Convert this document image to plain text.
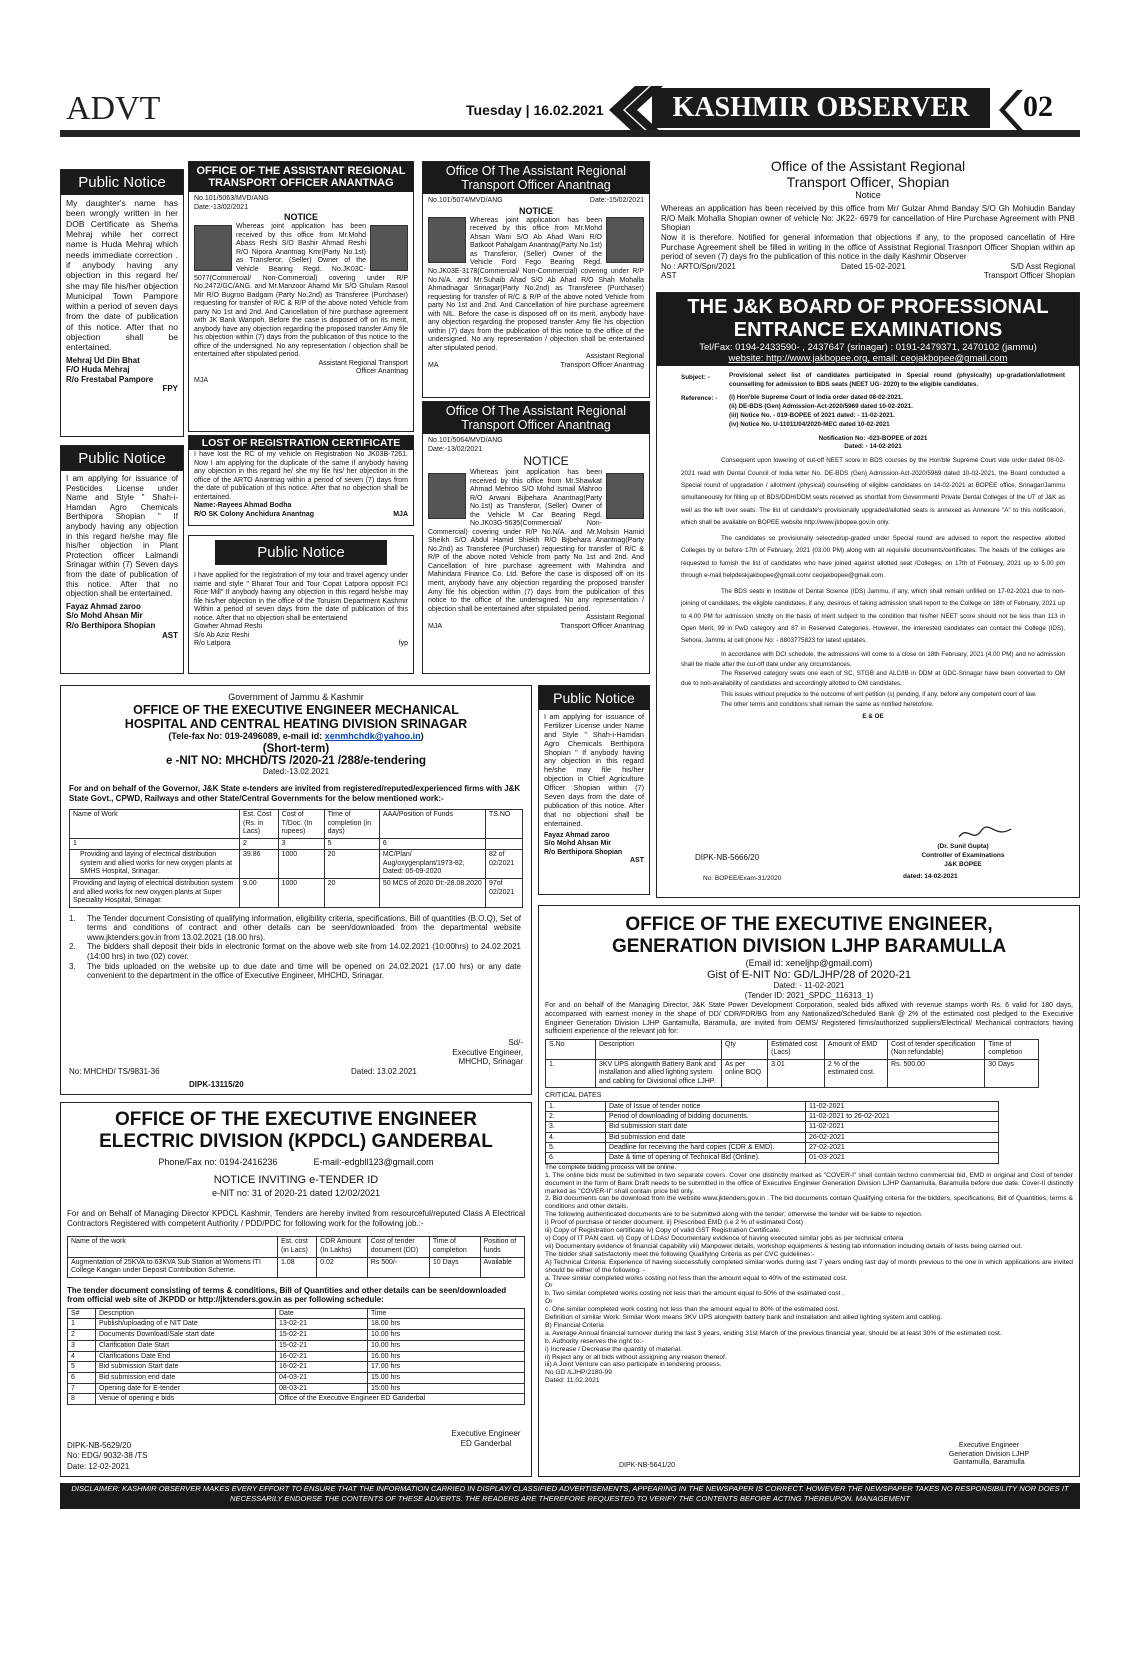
ADVT	Tuesday | 16.02.2021	KASHMIR OBSERVER	02
Public Notice
My daughter's name has been wrongly written in her DOB Certificate as Shema Mehraj while her correct name is Huda Mehraj which needs immediate correction . if anybody having any objection in this regard he/ she may file his/her objection Municipal Town Pampore within a period of seven days from the date of publication of this notice. After that no objection shall be entertained.
Mehraj Ud Din Bhat
F/O Huda Mehraj
R/o Frestabal Pampore
FPY
Public Notice
I am applying for issuance of Pesticides License under Name and Style " Shah-i-Hamdan Agro Chemicals Berthipora Shopian " If anybody having any objection in this regard he/she may file his/her objection in Plant Protection officer Lalmandi Srinagar within (7) Seven days from the date of publication of this notice. After that no objection shall be entertained.
Fayaz Ahmad zaroo
S/o Mohd Ahsan Mir
R/o Berthipora Shopian
AST
OFFICE OF THE ASSISTANT REGIONAL TRANSPORT OFFICER ANANTNAG
No.101/5063/MVD/ANG
Date:-13/02/2021
NOTICE
Whereas joint application has been received by this office from Mr.Mohd Abass Reshi S/O Bashir Ahmad Reshi R/O Nipora Anantnag Kmr(Party No.1st) as Transferor, (Seller) Owner of the Vehicle Bearing Regd. No.JK03C-5077(Commercial/ Non-Commercial) covering under R/P No.2472/GC/ANG. and Mr.Manzoor Ahamd Mir S/O Ghulam Rasool Mir R/O Bugroo Badgam (Party No.2nd) as Transferee (Purchaser) requesting for transfer of R/C & R/P of the above noted Vehicle from party No 1st and 2nd. And Cancellation of hire purchase agreement with JK Bank Wanpoh. Before the case is disposed off on its merit, anybody have any objection regarding the proposed transfer Amy file his objection within (7) days from the publication of this notice to the office of the undersigned. No any representation / objection shall be entertained after stipulated period.
Assistant Regional Transport Officer Anantnag
MJA
LOST OF REGISTRATION CERTIFICATE
I have lost the RC of my vehicle on Registration No JK03B-7261. Now I am applying for the duplicate of the same if anybody having any objection in this regard he/ she my file his/ her objection in the office of the ARTO Anantnag within a period of seven (7) days from the date of publication of this notice. After that no objection shall be entertained.
Name:-Rayees Ahmad Bodha
R/O SK Colony Anchidura Anantnag	MJA
Public Notice
I have applied for the registration of my tour and travel agency under name and style " Bharat Tour and Tour Copat Latpora opposit FCI Rice Mill" If anybody having any objection in this regard he/she may file his/her objection in the office of the Toruism Department Kashmir Within a period of seven days from the date of publication of this notice. After that no objection shall be entertaiend
Gowher Ahmad Reshi
S/o Ab Aziz Reshi
R/o Latpora	fyp
Office Of The Assistant Regional Transport Officer Anantnag
No.101/5074/MVD/ANG	Date:-15/02/2021
NOTICE
Whereas joint application has been received by this office from Mr.Mohd Ahsan Wani S/O Ab Ahad Wani R/O Batkoot Pahalgam Anantnag(Party No.1st) as Transferor, (Seller) Owner of the Vehicle Ford Fego Bearing Regd. No.JK03E-3178(Commercial/ Non-Commercial) covering under R/P No.N/A. and Mr.Suhaib Ahad S/O Ab Ahad R/O Shah Mohalla Ahmadnagar Srinagar(Party No.2nd) as Transferee (Purchaser) requesting for transfer of R/C & R/P of the above noted Vehicle from party No 1st and 2nd. And Cancellation of hire purchase agreement with NIL. Before the case is disposed off on its merit, anybody have any objection regarding the proposed transfer Amy file his objection within (7) days from the publication of this notice to the office of the undersigned. No any representation / objection shall be entertained after stipulated period.
Assistant Regional
MA	Transport Officer Anantnag
Office Of The Assistant Regional Transport Officer Anantnag
No.101/5064/MVD/ANG
Date:-13/02/2021
NOTICE
Whereas joint application has been received by this office from Mr.Shawkat Ahmad Mehroo S/O Mohd Ismail Mahroo R/O Arwani Bijbehara Anantnag(Party No.1st) as Transferor, (Seller) Owner of the Vehicle M Car Bearing Regd. No.JK03G-5635(Commercial/ Non-Commercial) covering under R/P No.N/A. and Mr.Mohsin Hamid Sheikh S/O Abdul Hamid Shiekh R/O Bijbehara Anantnag(Party No.2nd) as Transferee (Purchaser) requesting for transfer of R/C & R/P of the above noted Vehicle from party No 1st and 2nd. And Cancellation of hire purchase agreement with Mahindra and Mahindara Finance Co. Ltd. Before the case is disposed off on its merit, anybody have any objection regarding the proposed transfer Amy file his objection within (7) days from the publication of this notice to the office of the undersigned. No any representation / objection shall be entertained after stipulated period.
Assistant Regional
MJA	Transport Officer Anantnag
Office of the Assistant Regional
Transport Officer, Shopian
Notice
Whereas an application has been received by this office from Mr/ Gulzar Ahmd Banday S/O Gh Mohiudin Banday R/O Malk Mohalla Shopian owner of vehicle No: JK22- 6979 for cancellation of Hire Purchase Agreement with PNB Shopian
Now it is therefore. Notified for general information that objections if any, to the proposed cancellatin of Hire Purchase Agreement shell be filled in writing in the office of Assistnat Regional Trasnport Officer Shopian within ap period of seven (7) days fro the publication of this notice in the daily Kashmir Observer
No : ARTO/Spn/2021	Dated 15-02-2021	S/D Asst Regional
AST	Transport Officer Shopian
THE J&K BOARD OF PROFESSIONAL
ENTRANCE EXAMINATIONS
Tel/Fax: 0194-2433590- , 2437647 (srinagar) : 0191-2479371, 2470102 (jammu)
website: http://www.jakbopee.org, email: ceojakbopee@gmail.com
Subject: -	Provisional select list of candidates participated in Special round (physically) up-gradation/allotment counselling for admission to BDS seats (NEET UG- 2020) to the eligible candidates.
Reference: -	(i) Hon'ble Supreme Court of India order dated 08-02-2021.
(ii) DE-BDS (Gen) Admission-Act-2020/5969 dated 10-02-2021.
(iii) Notice No. - 019-BOPEE of 2021 dated: - 11-02-2021.
(iv) Notice No. U-11011/04/2020-MEC dated 10-02-2021
Notification No: -023-BOPEE of 2021
Dated: - 14-02-2021
Consequent upon lowering of cut-off NEET score in BDS courses by the Hon'ble Supreme Court vide order dated 08-02-2021 read with Dental Council of India letter No. DE-BDS (Gen) Admission-Act-2020/5969 dated 10-02-2021, the Board conducted a Special round of upgradation / allotment (physical) counselling of eligible candidates on 14-02-2021 at BOPEE office, Srinagar/Jammu simultaneously for filling up of BDS/DDH/DDM seats received as shortfall from Government/ Private Dental Colleges of the UT of J&K as well as the left over seats. The list of candidate's provisionally upgraded/allotted seats is annexed as Annexure "A" to this notification, which shall be available on BOPEE website http://www.jkbopee.gov.in only.
The candidates so provisionally selected/up-graded under Special round are advised to report the respective allotted Colleges by or before 17th of February, 2021 (03.00 PM) along with all requisite documents/certificates. The heads of the colleges are requested to furnish the list of candidates who have joined against allotted seat /Colleges, on 17th of February, 2021 up to 5.00 pm through e-mail helpdeskjakbopee@gmail.com/ ceojakbopee@gmail.com.
The BDS seats in Institute of Dental Science (IDS) Jammu, if any, which shall remain unfilled on 17-02-2021 due to non- joining of candidates, the eligible candidates, if any, desirous of taking admission shall report to the College on 18th of February, 2021 up to 4.00 PM for admission strictly on the basis of merit subject to the condition that his/her NEET score should not be less than 113 in Open Merit, 99 in PwD category and 87 in Reserved Categories. However, the interested candidates can contact the College (IDS), Sehora, Jammu at cell phone No: - 8803775823 for latest updates.
In accordance with DCI schedule, the admissions will come to a close on 18th February, 2021 (4.00 PM) and no admission shall be made after the cut-off date under any circumstances.
The Reserved category seats one each of SC, STGB and ALC/IB in DDM at GDC-Srinagar have been converted to OM due to non-availability of candidates and accordingly allotted to OM candidates.
This issues without prejudice to the outcome of writ petition (s) pending, if any, before any competent court of law.
The other terms and conditions shall remain the same as notified heretofore.
E & OE
DIPK-NB-5666/20
(Dr. Sunil Gupta)
Controller of Examinations
J&K BOPEE
No: BOPEE/Exam-31/2020	dated: 14-02-2021
Government of Jammu & Kashmir
OFFICE OF THE EXECUTIVE ENGINEER MECHANICAL
HOSPITAL AND CENTRAL HEATING DIVISION SRINAGAR
(Tele-fax No: 019-2496089, e-mail id: xenmhchdk@yahoo.in)
(Short-term)
e -NIT NO: MHCHD/TS /2020-21 /288/e-tendering
Dated:-13.02.2021
For and on behalf of the Governor, J&K State e-tenders are invited from registered/reputed/experienced firms with J&K State Govt., CPWD, Railways and other State/Central Governments for the below mentioned work:-
Name of Work	Est. Cost (Rs. in Lacs)	Cost of T/Doc. (In rupees)	Time of completion (in days)	AAA/Position of Funds	TS.NO
1	2	3	5	6	
Providing and laying of electrical distribution system and allied works for new oxygen plants at SMHS Hospital, Srinagar.	39.86	1000	20	MC/Plan/ Aug/oxygenplant/1973-82, Dated: 05-09-2020	82 of 02/2021
Providing and laying of electrical distribution system and allied works for new oxygen plants at Super Speciality Hospital, Srinagar.	9.00	1000	20	50 MCS of 2020 Dt:-28.08.2020	97of 02/2021
1.	The Tender document Consisting of qualifying information, eligibility criteria, specifications, Bill of quantities (B.O.Q), Set of terms and conditions of contract and other details can be seen/downloaded from the departmental website www.jktenders.gov.in from 13.02.2021 (18.00 hrs).
2.	The bidders shall deposit their bids in electronic format on the above web site from 14.02.2021 (10:00hrs) to 24.02.2021 (14:00 hrs) in two (02) cover.
3.	The bids uploaded on the website up to due date and time will be opened on 24.02.2021 (17.00 hrs) or any date convenient to the department in the office of Executive Engineer, MHCHD, Srinagar.
Sd/-
Executive Engineer,
MHCHD, Srinagar
No: MHCHD/ TS/9831-36	Dated: 13.02.2021
DIPK-13115/20
Public Notice
I am applying for issuance of Fertilizer License under Name and Style " Shah-i-Hamdan Agro Chemicals Berthipora Shopian " If anybody having any objection in this regard he/she may file his/her objection in Chief Agriculture Officer Shopian within (7) Seven days from the date of publication of this notice. After that no objectioni shall be entertained.
Fayaz Ahmad zaroo
S/o Mohd Ahsan Mir
R/o Berthipora Shopian
AST
OFFICE OF THE EXECUTIVE ENGINEER
ELECTRIC DIVISION (KPDCL) GANDERBAL
Phone/Fax no: 0194-2416236	E-mail:-edgbll123@gmail.com
NOTICE INVITING e-TENDER ID
e-NIT no: 31 of 2020-21 dated 12/02/2021
For and on Behalf of Managing Director KPDCL Kashmir, Tenders are hereby invited from resourceful/reputed Class A Electrical Contractors Registered with competent Authority / PDD/PDC for following work for the following job.:-
Name of the work	Est. cost (in Lacs)	CDR Amount (In Lakhs)	Cost of tender document (DD)	Time of completion	Position of funds
Augmentation of 25KVA to 63KVA Sub Station at Womens ITI College Kangan under Deposit Contribution Scheme.	1.08	0.02	Rs 500/-	10 Days	Available
The tender document consisting of terms & conditions, Bill of Quantities and other details can be seen/downloaded from official web site of JKPDD or http://jktenders.gov.in as per following schedule:
S#	Description	Date	Time
1	Publish/uploading of e NIT Date	13-02-21	18.00 hrs
2	Documents Download/Sale start date	15-02-21	10.00 hrs
3	Clarification Date Start	15-02-21	10.00 hrs
4	Clarifications Date End	16-02-21	16.00 hrs
5	Bid submission Start date	16-02-21	17.00 hrs
6	Bid submission end date	04-03-21	15.00 hrs
7	Opening date for E-tender	08-03-21	15:00 hrs
8	Venue of opening e bids	Office of the Executive Engineer ED Ganderbal	
DIPK-NB-5629/20
No: EDG/ 9032-38 /TS
Date: 12-02-2021
Executive Engineer
ED Ganderbal
OFFICE OF THE EXECUTIVE ENGINEER,
GENERATION DIVISION LJHP BARAMULLA
(Email id: xeneljhp@gmail.com)
Gist of E-NIT No: GD/LJHP/28 of 2020-21
Dated: - 11-02-2021
(Tender ID: 2021_SPDC_116313_1)
For and on behalf of the Managing Director, J&K State Power Development Corporation, sealed bids affixed with revenue stamps worth Rs. 6 valid for 180 days, accompanied with earnest money in the shape of DD/ CDR/FDR/BG from any Nationalized/Scheduled Bank @ 2% of the estimated cost pledged to the Executive Engineer Generation Division LJHP Gantamulla, Baramulla, are invited from OEMS/ Registered firms/authorized suppliers/Electrical/ Mechanical contractors having sufficient experience of the relevant job for:
S.No	Description	Qty	Estimated cost (Lacs)	Amount of EMD	Cost of tender specification (Non refundable)	Time of completion
1.	3KV UPS alongwith Battery Bank and installation and allied lighting system and cabling for Divisional office LJHP.	As per online BOQ	3.01	2 % of the estimated cost.	Rs. 500.00	30 Days
CRITICAL DATES
1.	Date of Issue of tender notice	11-02-2021
2.	Period of downloading of bidding documents.	11-02-2021 to 26-02-2021
3.	Bid submission start date	11-02-2021
4.	Bid submission end date	26-02-2021
5.	Deadline for receiving the hard copies (CDR & EMD).	27-02-2021
6.	Date & time of opening of Technical Bid (Online).	01-03-2021
The complete bidding process will be online.
1. The online bids must be submitted in two separate covers. Cover one distinctly marked as "COVER-I" shall contain techno commercial bid, EMD in original and Cost of tender document in the form of Bank Draft needs to be submitted in the office of Executive Engineer Generation Division LJHP Gantamulla, Baramulla before due date. Cover-II distinctly marked as "COVER-II" shall contain price bid only.
2. Bid documents can be download from the website www.jktenders.gov.in . The bid documents contain Qualifying criteria for the bidders, specifications, Bill of Quantities, terms & conditions and other details.
The following authenticated documents are to be submitted along with the tender; otherwise the tender will be liable to rejection.
i) Proof of purchase of tender document. ii) Prescribed EMD (i.e 2 % of estimated Cost)
iii) Copy of Registration certificate iv) Copy of valid GST Registration Certificate.
v) Copy of IT PAN card. vi) Copy of LOAs/ Documentary evidence of having executed similar jobs as per technical criteria
vii) Documentary evidence of financial capability viii) Manpower details, workshop equipments & testing lab information including details of tests being carried out.
The bidder shall satisfactorily meet the following Qualifying Criteria as per CVC guidelines:-
A) Technical Criteria: Experience of having successfully completed similar works during last 7 years ending last day of month previous to the one in which applications are invited should be either of the following: -
a. Three similar completed works costing not less than the amount equal to 40% of the estimated cost.
Or
b. Two similar completed works costing not less than the amount equal to 50% of the estimated cost .
Or
c. One similar completed work costing not less than the amount equal to 80% of the estimated cost.
Definition of similar Work: Similar Work means 3KV UPS alongwith battery bank and installation and allied lighting system and cabling.
B) Financial Criteria
a. Average Annual financial turnover during the last 3 years, ending 31st March of the previous financial year, should be at least 30% of the estimated cost.
b. Authority reserves the right to:-
i) Increase / Decrease the quantity of material.
ii) Reject any or all bids without assigning any reason thereof.
iii) A Joint Venture can also participate in tendering process.
No GD /LJHP/2180-99
Dated: 11.02.2021
DIPK-NB-5641/20
Executive Engineer
Generation Division LJHP
Gantamulla, Baramulla
DISCLAIMER: KASHMIR OBSERVER MAKES EVERY EFFORT TO ENSURE THAT THE INFORMATION CARRIED IN DISPLAY/ CLASSIFIED ADVERTISEMENTS, APPEARING IN THE NEWSPAPER IS CORRECT. HOWEVER THE NEWSPAPER TAKES NO RESPONSIBILITY NOR DOES IT NECESSARILY ENDORSE THE CONTENTS OF THESE ADVERTS. THE READERS ARE THEREFORE REQUESTED TO VERIFY THE CONTENTS BEFORE ACTING THEREUPON. MANAGEMENT
